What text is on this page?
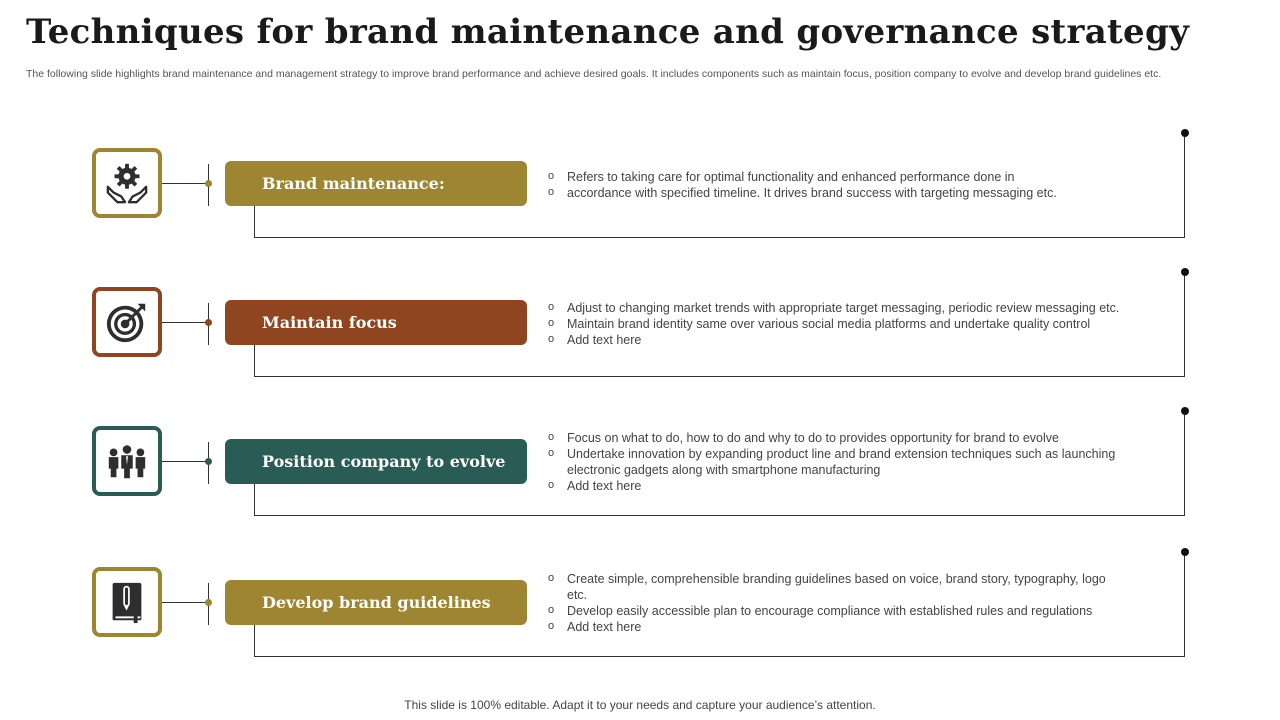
Techniques for brand maintenance and governance strategy
The following slide highlights brand maintenance and management strategy to improve brand performance and achieve desired goals. It includes components such as maintain focus, position company to evolve and develop brand guidelines etc.
Brand maintenance:
o	Refers to taking care for optimal functionality and enhanced performance done in
o accordance with specified timeline. It drives brand success with targeting messaging etc.
Maintain focus
o Adjust to changing market trends with appropriate target messaging, periodic review messaging etc.
o Maintain brand identity same over various social media platforms and undertake quality control
o Add text here
Position company to evolve
o Focus on what to do, how to do and why to do to provides opportunity for brand to evolve
o Undertake innovation by expanding product line and brand extension techniques such as launching electronic gadgets along with smartphone manufacturing
o Add text here
Develop brand guidelines
o Create simple, comprehensible branding guidelines based on voice, brand story, typography, logo etc.
o Develop easily accessible plan to encourage compliance with established rules and regulations
o Add text here
This slide is 100% editable. Adapt it to your needs and capture your audience’s attention.
